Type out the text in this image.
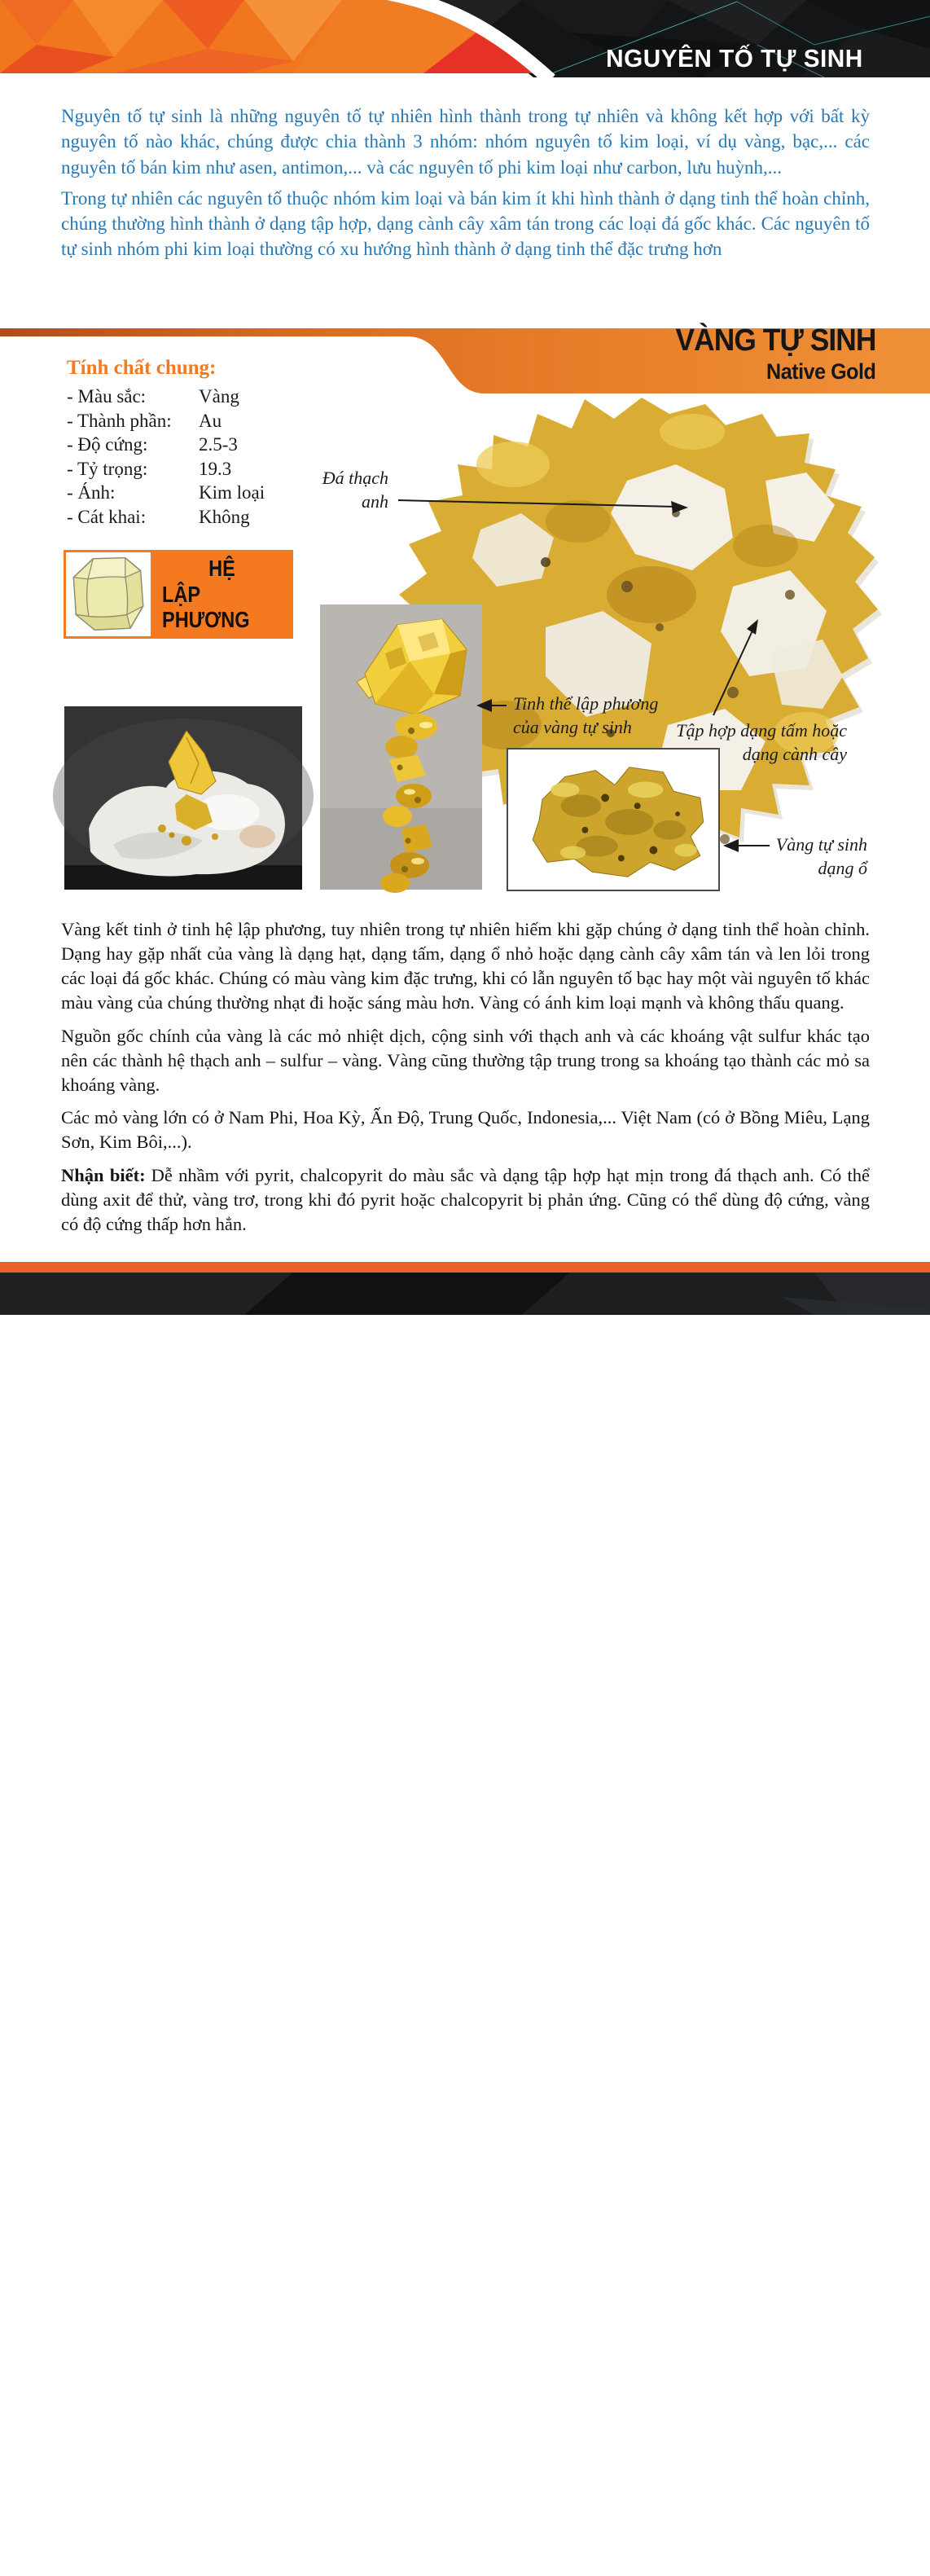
NGUYÊN TỐ TỰ SINH

Nguyên tố tự sinh là những nguyên tố tự nhiên hình thành trong tự nhiên và không kết hợp với bất kỳ nguyên tố nào khác, chúng được chia thành 3 nhóm: nhóm nguyên tố kim loại, ví dụ vàng, bạc,... các nguyên tố bán kim như asen, antimon,... và các nguyên tố phi kim loại như carbon, lưu huỳnh,...

Trong tự nhiên các nguyên tố thuộc nhóm kim loại và bán kim ít khi hình thành ở dạng tinh thể hoàn chỉnh, chúng thường hình thành ở dạng tập hợp, dạng cành cây xâm tán trong các loại đá gốc khác. Các nguyên tố tự sinh nhóm phi kim loại thường có xu hướng hình thành ở dạng tinh thể đặc trưng hơn

VÀNG TỰ SINH
Native Gold
Tính chất chung:
- Màu sắc:	Vàng
- Thành phần:	Au
- Độ cứng:	2.5-3
- Tỷ trọng:	19.3
- Ánh:	Kim loại
- Cát khai:	Không
HỆ
LẬP PHƯƠNG
Đá thạch anh
Tinh thể lập phương của vàng tự sinh	Tập hợp dạng tấm hoặc dạng cành cây
Vàng tự sinh dạng ổ

Vàng kết tinh ở tinh hệ lập phương, tuy nhiên trong tự nhiên hiếm khi gặp chúng ở dạng tinh thể hoàn chỉnh. Dạng hay gặp nhất của vàng là dạng hạt, dạng tấm, dạng ổ nhỏ hoặc dạng cành cây xâm tán và len lỏi trong các loại đá gốc khác. Chúng có màu vàng kim đặc trưng, khi có lẫn nguyên tố bạc hay một vài nguyên tố khác màu vàng của chúng thường nhạt đi hoặc sáng màu hơn. Vàng có ánh kim loại mạnh và không thấu quang.

Nguồn gốc chính của vàng là các mỏ nhiệt dịch, cộng sinh với thạch anh và các khoáng vật sulfur khác tạo nên các thành hệ thạch anh – sulfur – vàng. Vàng cũng thường tập trung trong sa khoáng tạo thành các mỏ sa khoáng vàng.

Các mỏ vàng lớn có ở Nam Phi, Hoa Kỳ, Ấn Độ, Trung Quốc, Indonesia,... Việt Nam (có ở Bồng Miêu, Lạng Sơn, Kim Bôi,...).

Nhận biết: Dễ nhầm với pyrit, chalcopyrit do màu sắc và dạng tập hợp hạt mịn trong đá thạch anh. Có thể dùng axit để thử, vàng trơ, trong khi đó pyrit hoặc chalcopyrit bị phản ứng. Cũng có thể dùng độ cứng, vàng có độ cứng thấp hơn hẳn.

59
